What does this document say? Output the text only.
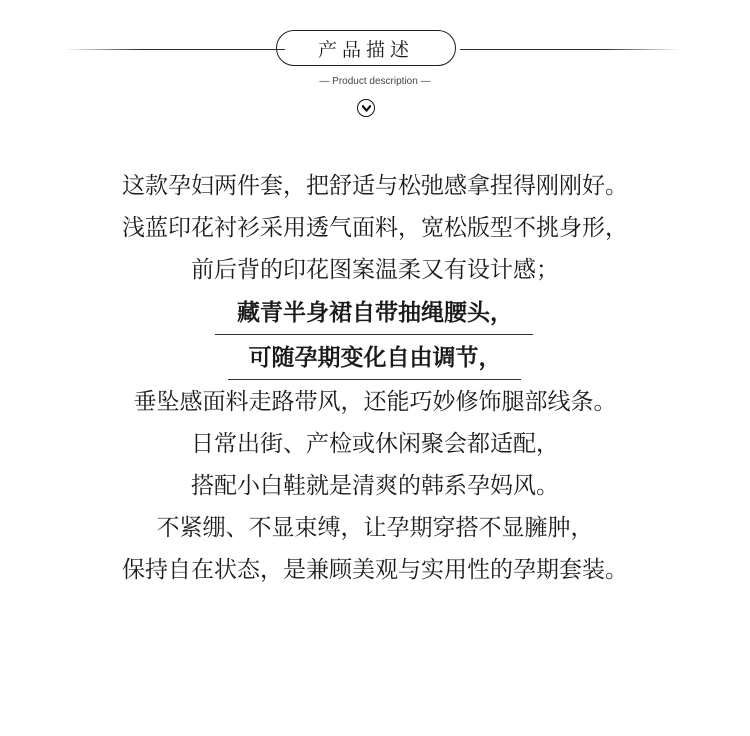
产品描述
— Product description —
这款孕妇两件套，把舒适与松弛感拿捏得刚刚好。
浅蓝印花衬衫采用透气面料，宽松版型不挑身形，
前后背的印花图案温柔又有设计感；
藏青半身裙自带抽绳腰头，
可随孕期变化自由调节，
垂坠感面料走路带风，还能巧妙修饰腿部线条。
日常出街、产检或休闲聚会都适配，
搭配小白鞋就是清爽的韩系孕妈风。
不紧绷、不显束缚，让孕期穿搭不显臃肿，
保持自在状态，是兼顾美观与实用性的孕期套装。
